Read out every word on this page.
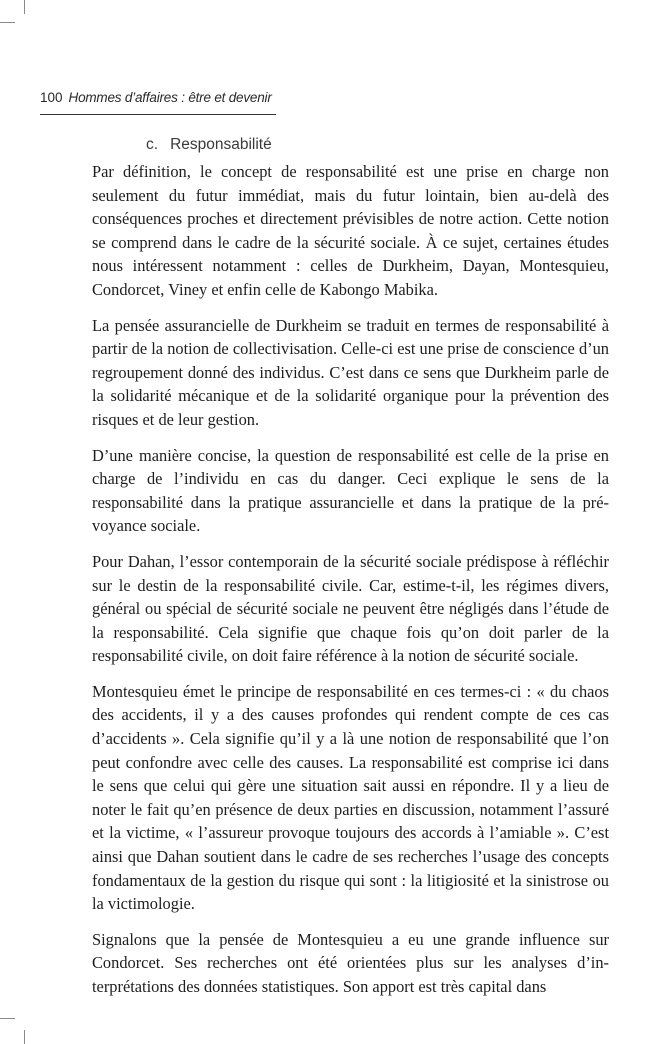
100 Hommes d’affaires : être et devenir
c. Responsabilité

Par définition, le concept de responsabilité est une prise en charge non seulement du futur immédiat, mais du futur lointain, bien au-delà des conséquences proches et directement prévisibles de notre action. Cette notion se comprend dans le cadre de la sécurité sociale. À ce sujet, certaines études nous intéressent notamment : celles de Durkheim, Dayan, Montesquieu, Condorcet, Viney et enfin celle de Kabongo Mabika.

La pensée assurancielle de Durkheim se traduit en termes de responsabilité à partir de la notion de collectivisation. Celle-ci est une prise de conscience d’un regroupement donné des individus. C’est dans ce sens que Durkheim parle de la solidarité mécanique et de la solidarité organique pour la prévention des risques et de leur gestion.

D’une manière concise, la question de responsabilité est celle de la prise en charge de l’individu en cas du danger. Ceci explique le sens de la responsabilité dans la pratique assurancielle et dans la pratique de la prévoyance sociale.

Pour Dahan, l’essor contemporain de la sécurité sociale prédispose à réfléchir sur le destin de la responsabilité civile. Car, estime-t-il, les régimes divers, général ou spécial de sécurité sociale ne peuvent être négligés dans l’étude de la responsabilité. Cela signifie que chaque fois qu’on doit parler de la responsabilité civile, on doit faire référence à la notion de sécurité sociale.

Montesquieu émet le principe de responsabilité en ces termes-ci : « du chaos des accidents, il y a des causes profondes qui rendent compte de ces cas d’accidents ». Cela signifie qu’il y a là une notion de responsabilité que l’on peut confondre avec celle des causes. La responsabilité est comprise ici dans le sens que celui qui gère une situation sait aussi en répondre. Il y a lieu de noter le fait qu’en présence de deux parties en discussion, notamment l’assuré et la victime, « l’assureur provoque toujours des accords à l’amiable ». C’est ainsi que Dahan soutient dans le cadre de ses recherches l’usage des concepts fondamentaux de la gestion du risque qui sont : la litigiosité et la sinistrose ou la victimologie.

Signalons que la pensée de Montesquieu a eu une grande influence sur Condorcet. Ses recherches ont été orientées plus sur les analyses d’interprétations des données statistiques. Son apport est très capital dans
